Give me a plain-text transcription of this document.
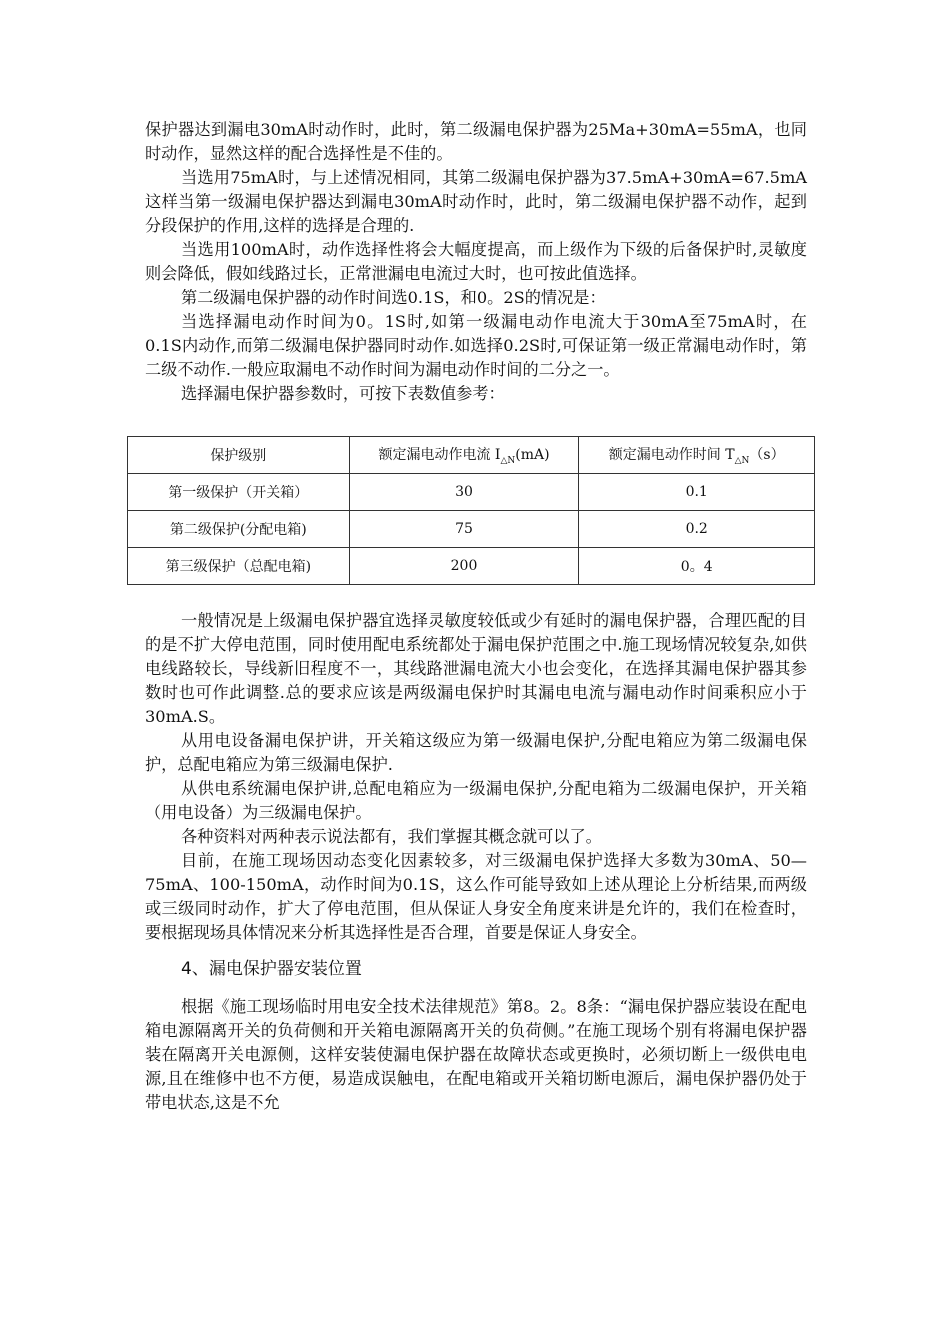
保护器达到漏电30mA时动作时，此时，第二级漏电保护器为25Ma+30mA=55mA，也同时动作，显然这样的配合选择性是不佳的。

当选用75mA时，与上述情况相同，其第二级漏电保护器为37.5mA+30mA=67.5mA这样当第一级漏电保护器达到漏电30mA时动作时，此时，第二级漏电保护器不动作，起到分段保护的作用,这样的选择是合理的.

当选用100mA时，动作选择性将会大幅度提高，而上级作为下级的后备保护时,灵敏度则会降低，假如线路过长，正常泄漏电电流过大时，也可按此值选择。

第二级漏电保护器的动作时间选0.1S，和0。2S的情况是：

当选择漏电动作时间为0。1S时,如第一级漏电动作电流大于30mA至75mA时，在 0.1S内动作,而第二级漏电保护器同时动作.如选择0.2S时,可保证第一级正常漏电动作时，第二级不动作.一般应取漏电不动作时间为漏电动作时间的二分之一。

选择漏电保护器参数时，可按下表数值参考：

保护级别	额定漏电动作电流 $I_{\triangle N}(mA)$	额定漏电动作时间 $T_{\triangle N}(s)$
第一级保护（开关箱）	30	0.1
第二级保护(分配电箱)	75	0.2
第三级保护（总配电箱)	200	0。4

一般情况是上级漏电保护器宜选择灵敏度较低或少有延时的漏电保护器，合理匹配的目的是不扩大停电范围，同时使用配电系统都处于漏电保护范围之中.施工现场情况较复杂,如供电线路较长，导线新旧程度不一，其线路泄漏电流大小也会变化，在选择其漏电保护器其参数时也可作此调整.总的要求应该是两级漏电保护时其漏电电流与漏电动作时间乘积应小于30mA.S。

从用电设备漏电保护讲，开关箱这级应为第一级漏电保护,分配电箱应为第二级漏电保护，总配电箱应为第三级漏电保护.

从供电系统漏电保护讲,总配电箱应为一级漏电保护,分配电箱为二级漏电保护，开关箱（用电设备）为三级漏电保护。

各种资料对两种表示说法都有，我们掌握其概念就可以了。

目前，在施工现场因动态变化因素较多，对三级漏电保护选择大多数为30mA、50—75mA、100-150mA，动作时间为0.1S，这么作可能导致如上述从理论上分析结果,而两级或三级同时动作，扩大了停电范围，但从保证人身安全角度来讲是允许的，我们在检查时，要根据现场具体情况来分析其选择性是否合理，首要是保证人身安全。

4、漏电保护器安装位置

根据《施工现场临时用电安全技术法律规范》第8。2。8条：“漏电保护器应装设在配电箱电源隔离开关的负荷侧和开关箱电源隔离开关的负荷侧。”在施工现场个别有将漏电保护器装在隔离开关电源侧，这样安装使漏电保护器在故障状态或更换时，必须切断上一级供电电源,且在维修中也不方便，易造成误触电，在配电箱或开关箱切断电源后，漏电保护器仍处于带电状态,这是不允
